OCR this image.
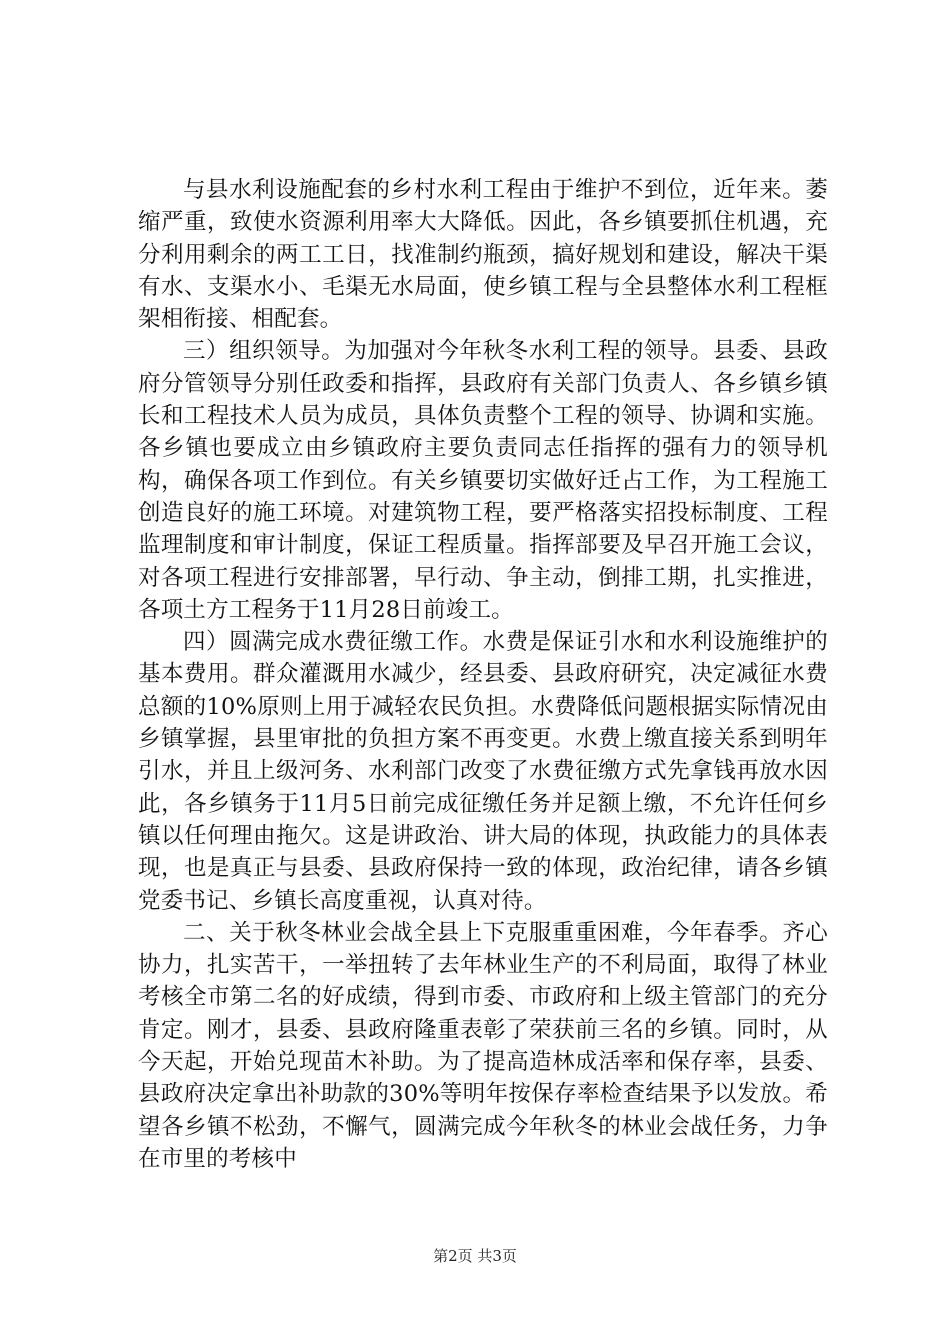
与县水利设施配套的乡村水利工程由于维护不到位，近年来。萎缩严重，致使水资源利用率大大降低。因此，各乡镇要抓住机遇，充分利用剩余的两工工日，找准制约瓶颈，搞好规划和建设，解决干渠有水、支渠水小、毛渠无水局面，使乡镇工程与全县整体水利工程框架相衔接、相配套。

三）组织领导。为加强对今年秋冬水利工程的领导。县委、县政府分管领导分别任政委和指挥，县政府有关部门负责人、各乡镇乡镇长和工程技术人员为成员，具体负责整个工程的领导、协调和实施。各乡镇也要成立由乡镇政府主要负责同志任指挥的强有力的领导机构，确保各项工作到位。有关乡镇要切实做好迁占工作，为工程施工创造良好的施工环境。对建筑物工程，要严格落实招投标制度、工程监理制度和审计制度，保证工程质量。指挥部要及早召开施工会议，对各项工程进行安排部署，早行动、争主动，倒排工期，扎实推进，各项土方工程务于11月28日前竣工。

四）圆满完成水费征缴工作。水费是保证引水和水利设施维护的基本费用。群众灌溉用水减少，经县委、县政府研究，决定减征水费总额的10%原则上用于减轻农民负担。水费降低问题根据实际情况由乡镇掌握，县里审批的负担方案不再变更。水费上缴直接关系到明年引水，并且上级河务、水利部门改变了水费征缴方式先拿钱再放水因此，各乡镇务于11月5日前完成征缴任务并足额上缴，不允许任何乡镇以任何理由拖欠。这是讲政治、讲大局的体现，执政能力的具体表现，也是真正与县委、县政府保持一致的体现，政治纪律，请各乡镇党委书记、乡镇长高度重视，认真对待。

二、关于秋冬林业会战全县上下克服重重困难，今年春季。齐心协力，扎实苦干，一举扭转了去年林业生产的不利局面，取得了林业考核全市第二名的好成绩，得到市委、市政府和上级主管部门的充分肯定。刚才，县委、县政府隆重表彰了荣获前三名的乡镇。同时，从今天起，开始兑现苗木补助。为了提高造林成活率和保存率，县委、县政府决定拿出补助款的30%等明年按保存率检查结果予以发放。希望各乡镇不松劲，不懈气，圆满完成今年秋冬的林业会战任务，力争在市里的考核中

第2页 共3页
